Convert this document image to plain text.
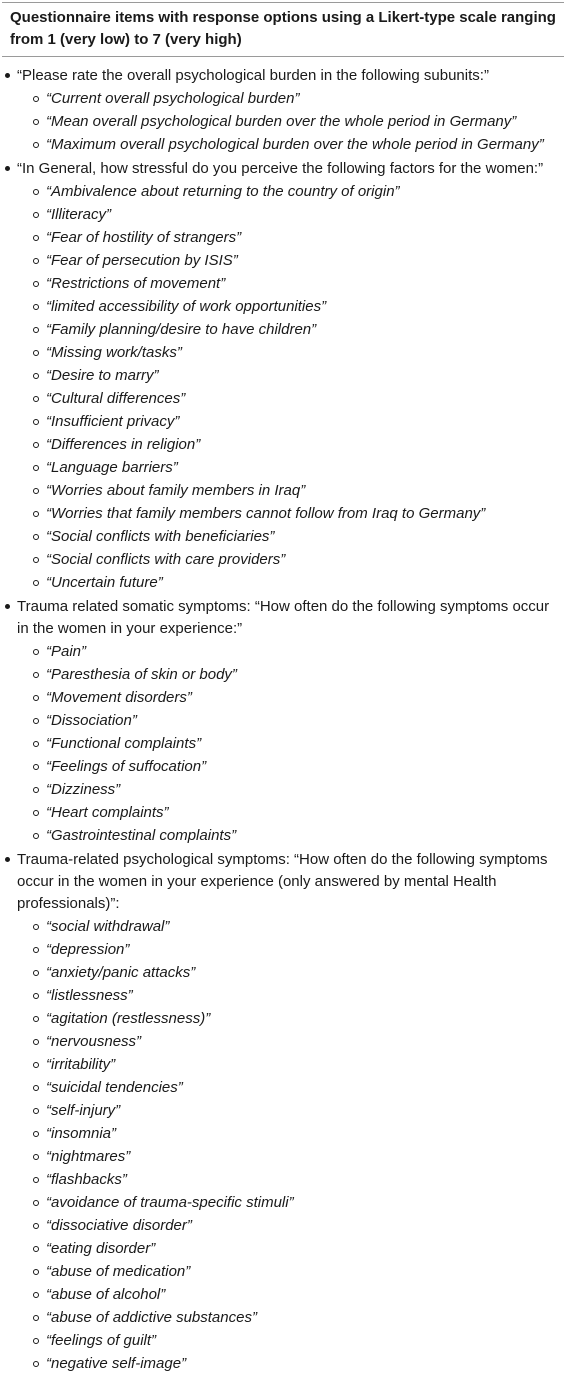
Questionnaire items with response options using a Likert-type scale ranging from 1 (very low) to 7 (very high)
“Please rate the overall psychological burden in the following subunits:”
“Current overall psychological burden”
“Mean overall psychological burden over the whole period in Germany”
“Maximum overall psychological burden over the whole period in Germany”
“In General, how stressful do you perceive the following factors for the women:”
“Ambivalence about returning to the country of origin”
“Illiteracy”
“Fear of hostility of strangers”
“Fear of persecution by ISIS”
“Restrictions of movement”
“limited accessibility of work opportunities”
“Family planning/desire to have children”
“Missing work/tasks”
“Desire to marry”
“Cultural differences”
“Insufficient privacy”
“Differences in religion”
“Language barriers”
“Worries about family members in Iraq”
“Worries that family members cannot follow from Iraq to Germany”
“Social conflicts with beneficiaries”
“Social conflicts with care providers”
“Uncertain future”
Trauma related somatic symptoms: “How often do the following symptoms occur in the women in your experience:”
“Pain”
“Paresthesia of skin or body”
“Movement disorders”
“Dissociation”
“Functional complaints”
“Feelings of suffocation”
“Dizziness”
“Heart complaints”
“Gastrointestinal complaints”
Trauma-related psychological symptoms: “How often do the following symptoms occur in the women in your experience (only answered by mental Health professionals)”:
“social withdrawal”
“depression”
“anxiety/panic attacks”
“listlessness”
“agitation (restlessness)”
“nervousness”
“irritability”
“suicidal tendencies”
“self-injury”
“insomnia”
“nightmares”
“flashbacks”
“avoidance of trauma-specific stimuli”
“dissociative disorder”
“eating disorder”
“abuse of medication”
“abuse of alcohol”
“abuse of addictive substances”
“feelings of guilt”
“negative self-image”
